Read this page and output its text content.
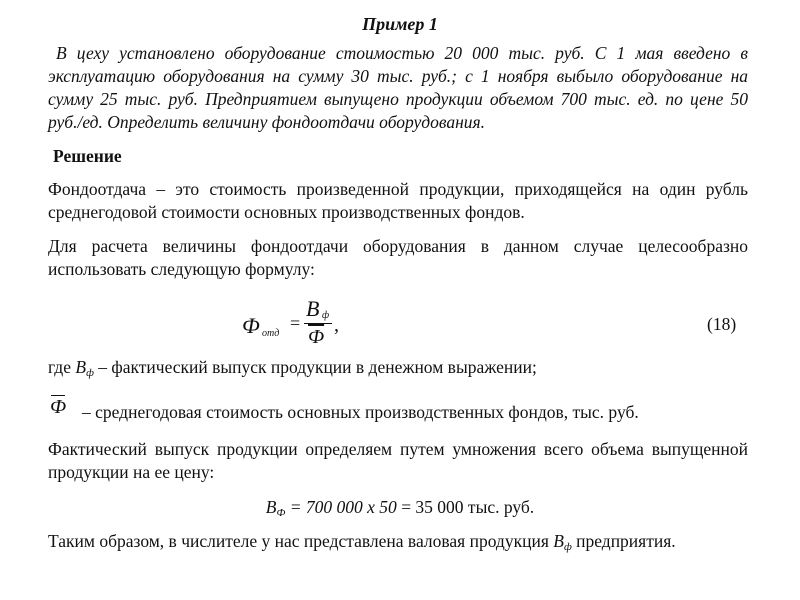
Пример 1

В цеху установлено оборудование стоимостью 20 000 тыс. руб. С 1 мая введено в эксплуатацию оборудования на сумму 30 тыс. руб.; с 1 ноября выбыло оборудование на сумму 25 тыс. руб. Предприятием выпущено продукции объемом 700 тыс. ед. по цене 50 руб./ед. Определить величину фондоотдачи оборудования.

Решение

Фондоотдача – это стоимость произведенной продукции, приходящейся на один рубль среднегодовой стоимости основных производственных фондов.

Для расчета величины фондоотдачи оборудования в данном случае целесообразно использовать следующую формулу:

Ф отд
=
В ф
Ф
,	(18)

где $В_ф$ – фактический выпуск продукции в денежном выражении;

Ф – среднегодовая стоимость основных производственных фондов, тыс. руб.

Фактический выпуск продукции определяем путем умножения всего объема выпущенной продукции на ее цену:

$В_Ф = 700$ 000 x 50 = 35 000 тыс. руб.

Таким образом, в числителе у нас представлена валовая продукция $В_ф$ предприятия.
